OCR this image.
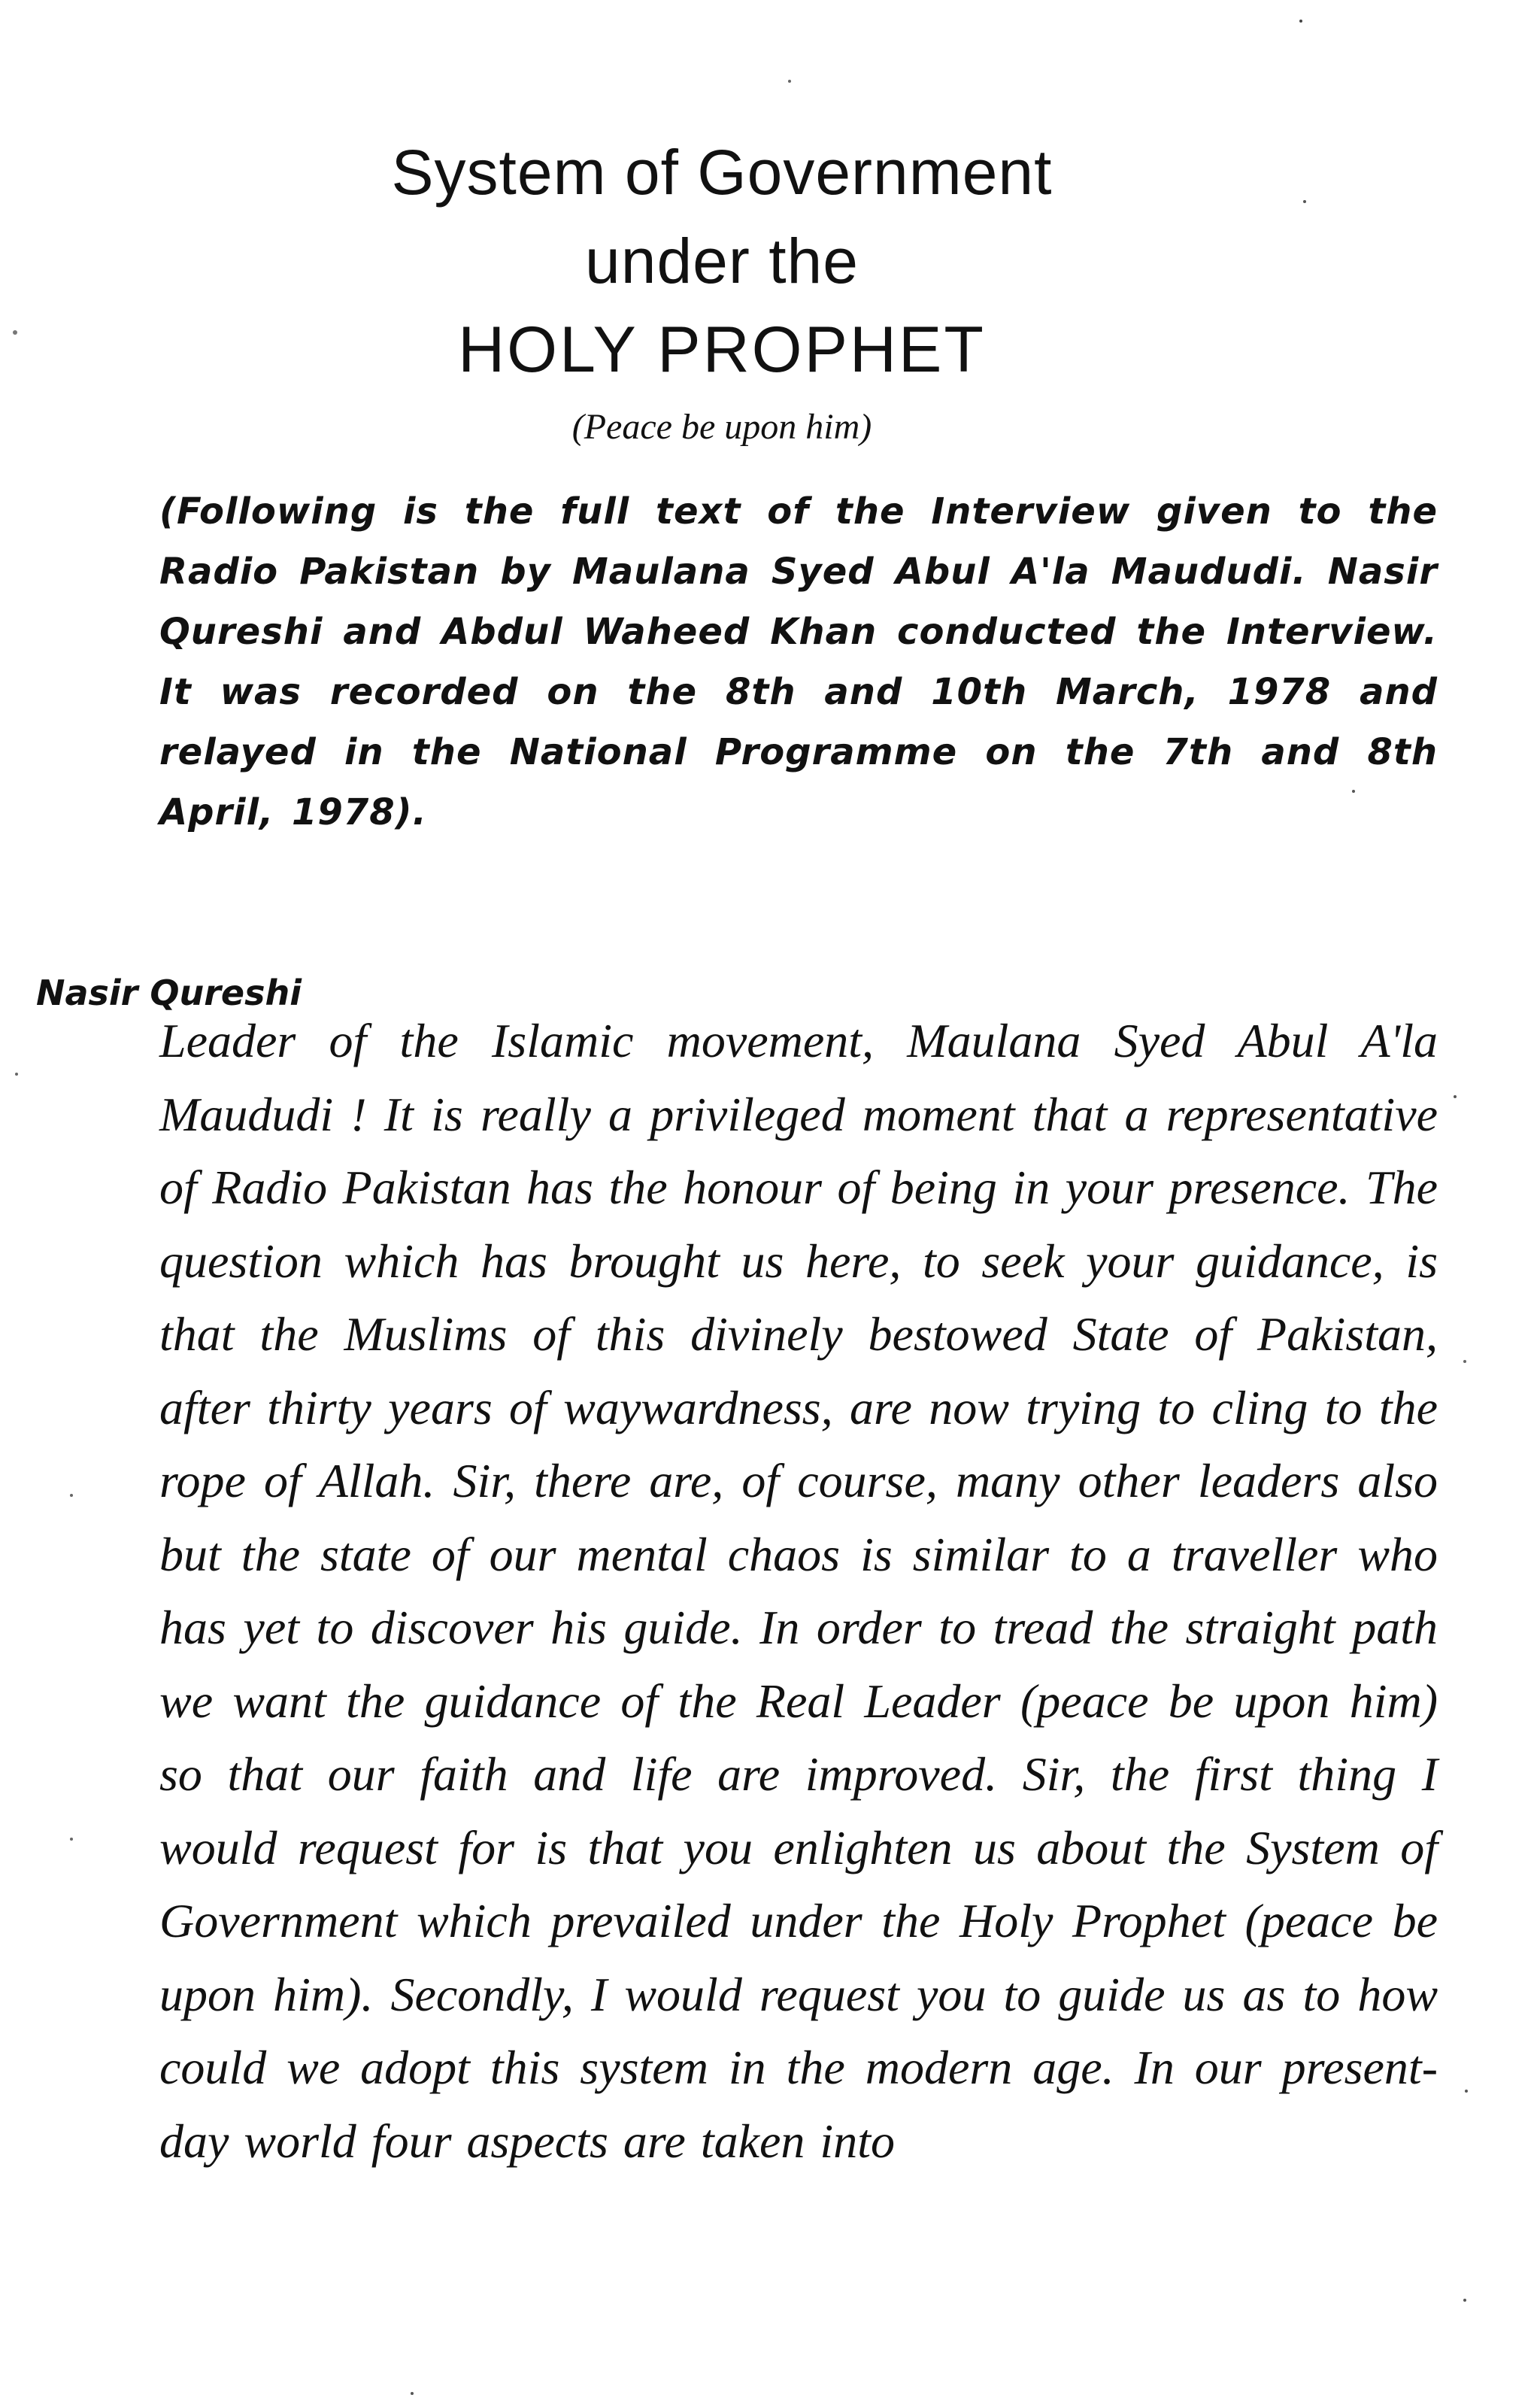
System of Government
under the
HOLY PROPHET
(Peace be upon him)
(Following is the full text of the Interview given to the Radio Pakistan by Maulana Syed Abul A'la Maududi. Nasir Qureshi and Abdul Waheed Khan conducted the Interview. It was recorded on the 8th and 10th March, 1978 and relayed in the National Programme on the 7th and 8th April, 1978).
Nasir Qureshi
Leader of the Islamic movement, Maulana Syed Abul A'la Maududi ! It is really a privileged moment that a representative of Radio Pakistan has the honour of being in your presence. The question which has brought us here, to seek your guidance, is that the Muslims of this divinely bestowed State of Pakistan, after thirty years of waywardness, are now trying to cling to the rope of Allah. Sir, there are, of course, many other leaders also but the state of our mental chaos is similar to a traveller who has yet to discover his guide. In order to tread the straight path we want the guidance of the Real Leader (peace be upon him) so that our faith and life are improved. Sir, the first thing I would request for is that you enlighten us about the System of Government which prevailed under the Holy Prophet (peace be upon him). Secondly, I would request you to guide us as to how could we adopt this system in the modern age. In our present-day world four aspects are taken into
